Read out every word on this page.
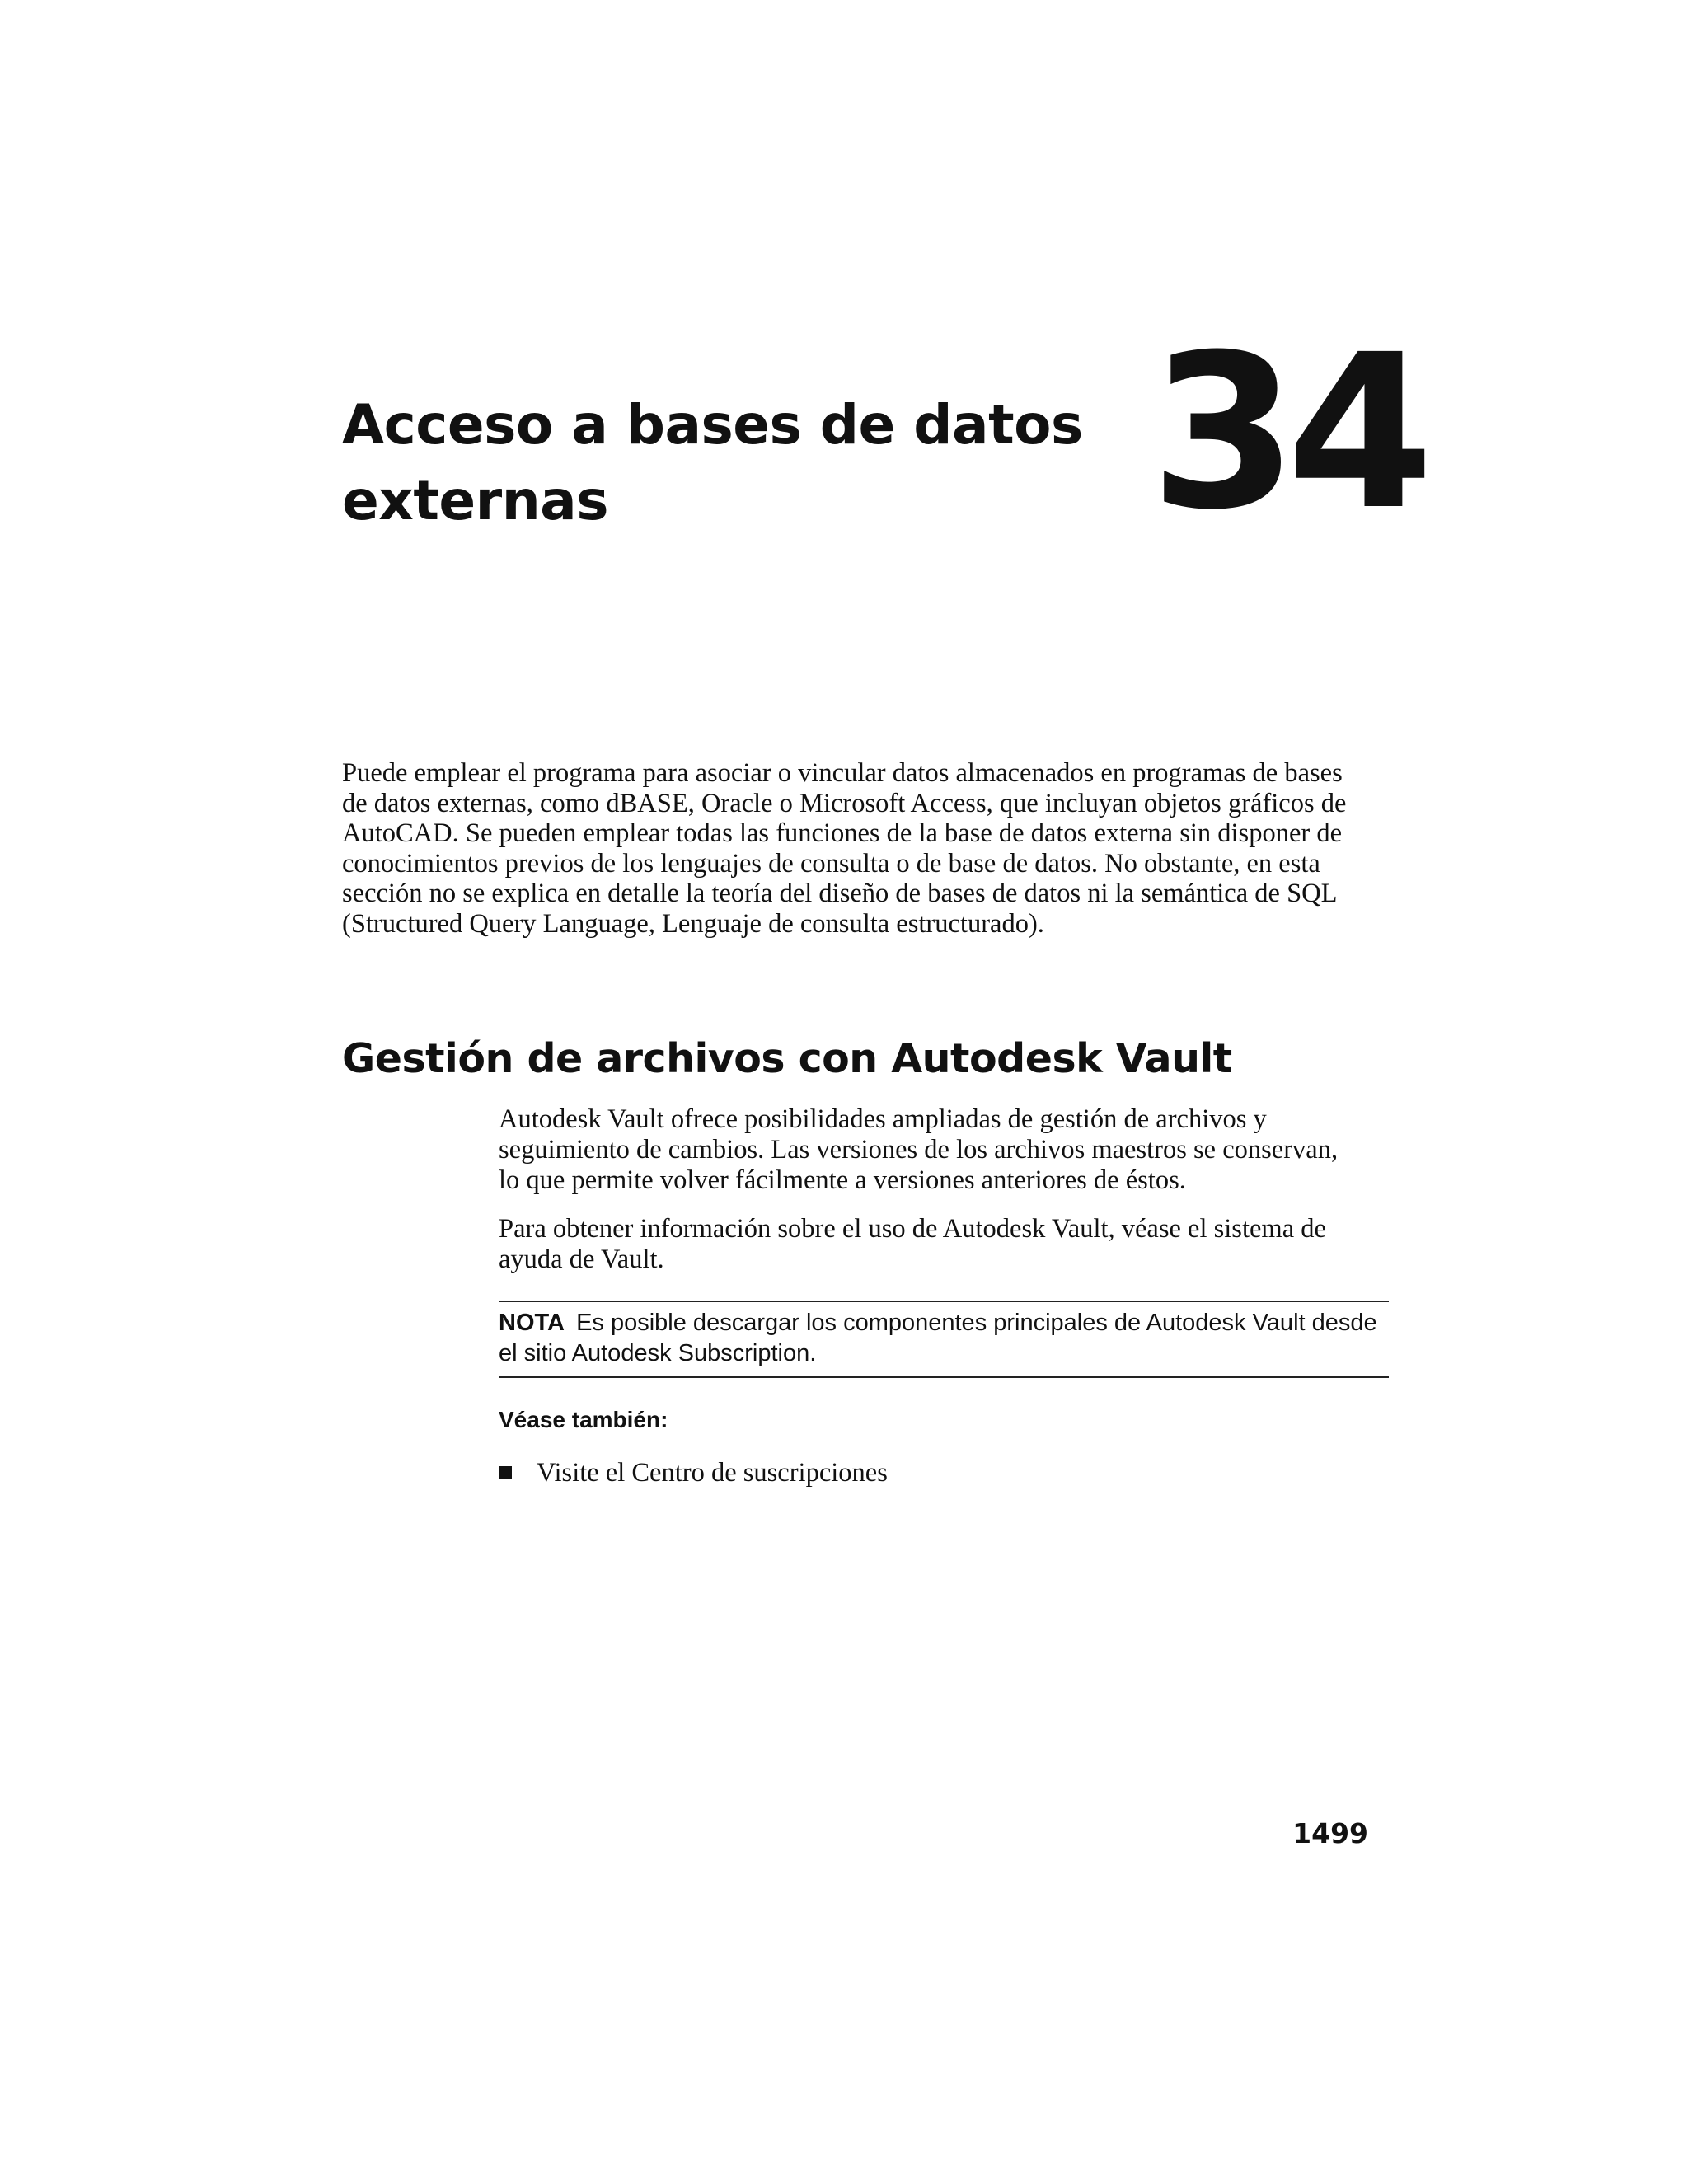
Acceso a bases de datos
externas	34

Puede emplear el programa para asociar o vincular datos almacenados en programas de bases
de datos externas, como dBASE, Oracle o Microsoft Access, que incluyan objetos gráficos de
AutoCAD. Se pueden emplear todas las funciones de la base de datos externa sin disponer de
conocimientos previos de los lenguajes de consulta o de base de datos. No obstante, en esta
sección no se explica en detalle la teoría del diseño de bases de datos ni la semántica de SQL
(Structured Query Language, Lenguaje de consulta estructurado).

Gestión de archivos con Autodesk Vault

Autodesk Vault ofrece posibilidades ampliadas de gestión de archivos y
seguimiento de cambios. Las versiones de los archivos maestros se conservan,
lo que permite volver fácilmente a versiones anteriores de éstos.

Para obtener información sobre el uso de Autodesk Vault, véase el sistema de
ayuda de Vault.

NOTA Es posible descargar los componentes principales de Autodesk Vault desde
el sitio Autodesk Subscription.

Véase también:

Visite el Centro de suscripciones
1499
